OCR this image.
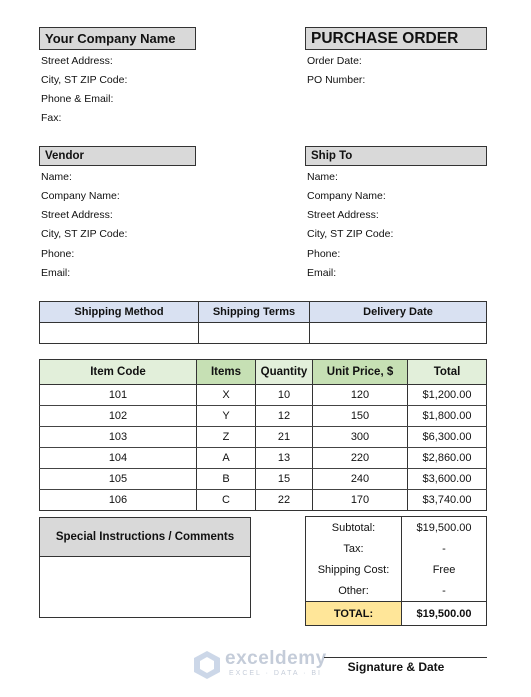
Your Company Name
Street Address:
City, ST ZIP Code:
Phone & Email:
Fax:
PURCHASE ORDER
Order Date:
PO Number:
Vendor
Name:
Company Name:
Street Address:
City, ST ZIP Code:
Phone:
Email:
Ship To
Name:
Company Name:
Street Address:
City, ST ZIP Code:
Phone:
Email:
Shipping Method	Shipping Terms	Delivery Date

Item Code	Items	Quantity	Unit Price, $	Total
101	X	10	120	$1,200.00
102	Y	12	150	$1,800.00
103	Z	21	300	$6,300.00
104	A	13	220	$2,860.00
105	B	15	240	$3,600.00
106	C	22	170	$3,740.00
Special Instructions / Comments
Subtotal:	$19,500.00
Tax:	-
Shipping Cost:	Free
Other:	-
TOTAL:	$19,500.00
exceldemy
EXCEL · DATA · BI	Signature & Date
